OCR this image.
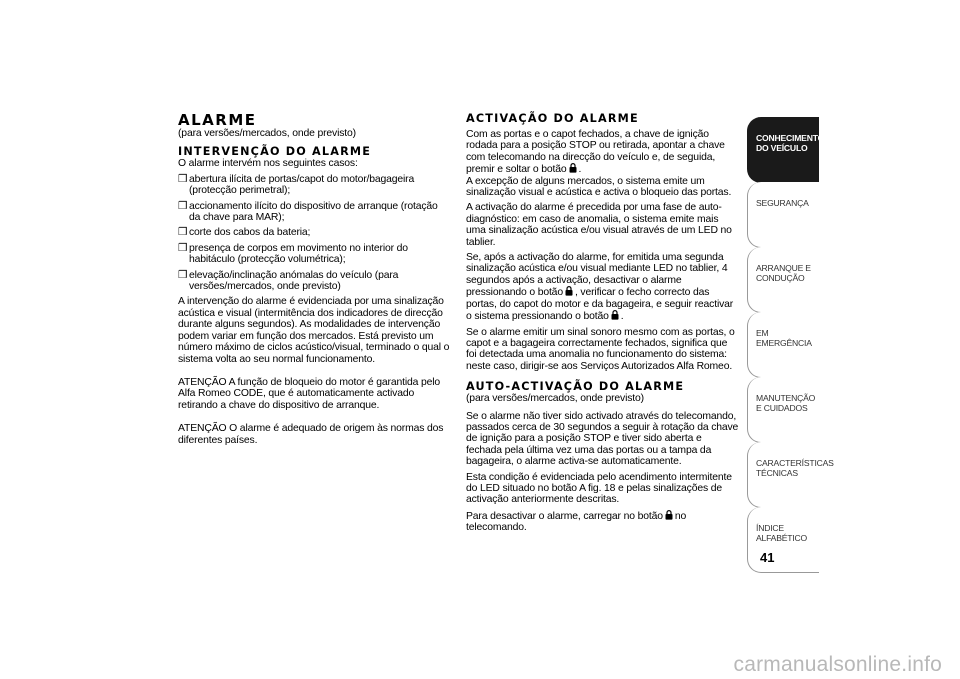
ALARME

(para versões/mercados, onde previsto)

INTERVENÇÃO DO ALARME

O alarme intervém nos seguintes casos:

❒ abertura ilícita de portas/capot do motor/bagageira (protecção perimetral);
❒ accionamento ilícito do dispositivo de arranque (rotação da chave para MAR);
❒ corte dos cabos da bateria;
❒ presença de corpos em movimento no interior do habitáculo (protecção volumétrica);
❒ elevação/inclinação anómalas do veículo (para versões/mercados, onde previsto)

A intervenção do alarme é evidenciada por uma sinalização acústica e visual (intermitência dos indicadores de direcção durante alguns segundos). As modalidades de intervenção podem variar em função dos mercados. Está previsto um número máximo de ciclos acústico/visual, terminado o qual o sistema volta ao seu normal funcionamento.

ATENÇÃO A função de bloqueio do motor é garantida pelo Alfa Romeo CODE, que é automaticamente activado retirando a chave do dispositivo de arranque.

ATENÇÃO O alarme é adequado de origem às normas dos diferentes países.

ACTIVAÇÃO DO ALARME

Com as portas e o capot fechados, a chave de ignição rodada para a posição STOP ou retirada, apontar a chave com telecomando na direcção do veículo e, de seguida, premir e soltar o botão .

A excepção de alguns mercados, o sistema emite um sinalização visual e acústica e activa o bloqueio das portas.

A activação do alarme é precedida por uma fase de auto-diagnóstico: em caso de anomalia, o sistema emite mais uma sinalização acústica e/ou visual através de um LED no tablier.

Se, após a activação do alarme, for emitida uma segunda sinalização acústica e/ou visual mediante LED no tablier, 4 segundos após a activação, desactivar o alarme pressionando o botão , verificar o fecho correcto das portas, do capot do motor e da bagageira, e seguir reactivar o sistema pressionando o botão .

Se o alarme emitir um sinal sonoro mesmo com as portas, o capot e a bagageira correctamente fechados, significa que foi detectada uma anomalia no funcionamento do sistema: neste caso, dirigir-se aos Serviços Autorizados Alfa Romeo.

AUTO-ACTIVAÇÃO DO ALARME

(para versões/mercados, onde previsto)

Se o alarme não tiver sido activado através do telecomando, passados cerca de 30 segundos a seguir à rotação da chave de ignição para a posição STOP e tiver sido aberta e fechada pela última vez uma das portas ou a tampa da bagageira, o alarme activa-se automaticamente.

Esta condição é evidenciada pelo acendimento intermitente do LED situado no botão A fig. 18 e pelas sinalizações de activação anteriormente descritas.

Para desactivar o alarme, carregar no botão no telecomando.

CONHECIMENTO DO VEÍCULO
SEGURANÇA
ARRANQUE E CONDUÇÃO
EM EMERGÊNCIA
MANUTENÇÃO E CUIDADOS
CARACTERÍSTICAS TÉCNICAS
ÍNDICE ALFABÉTICO
41
carmanualsonline.info
